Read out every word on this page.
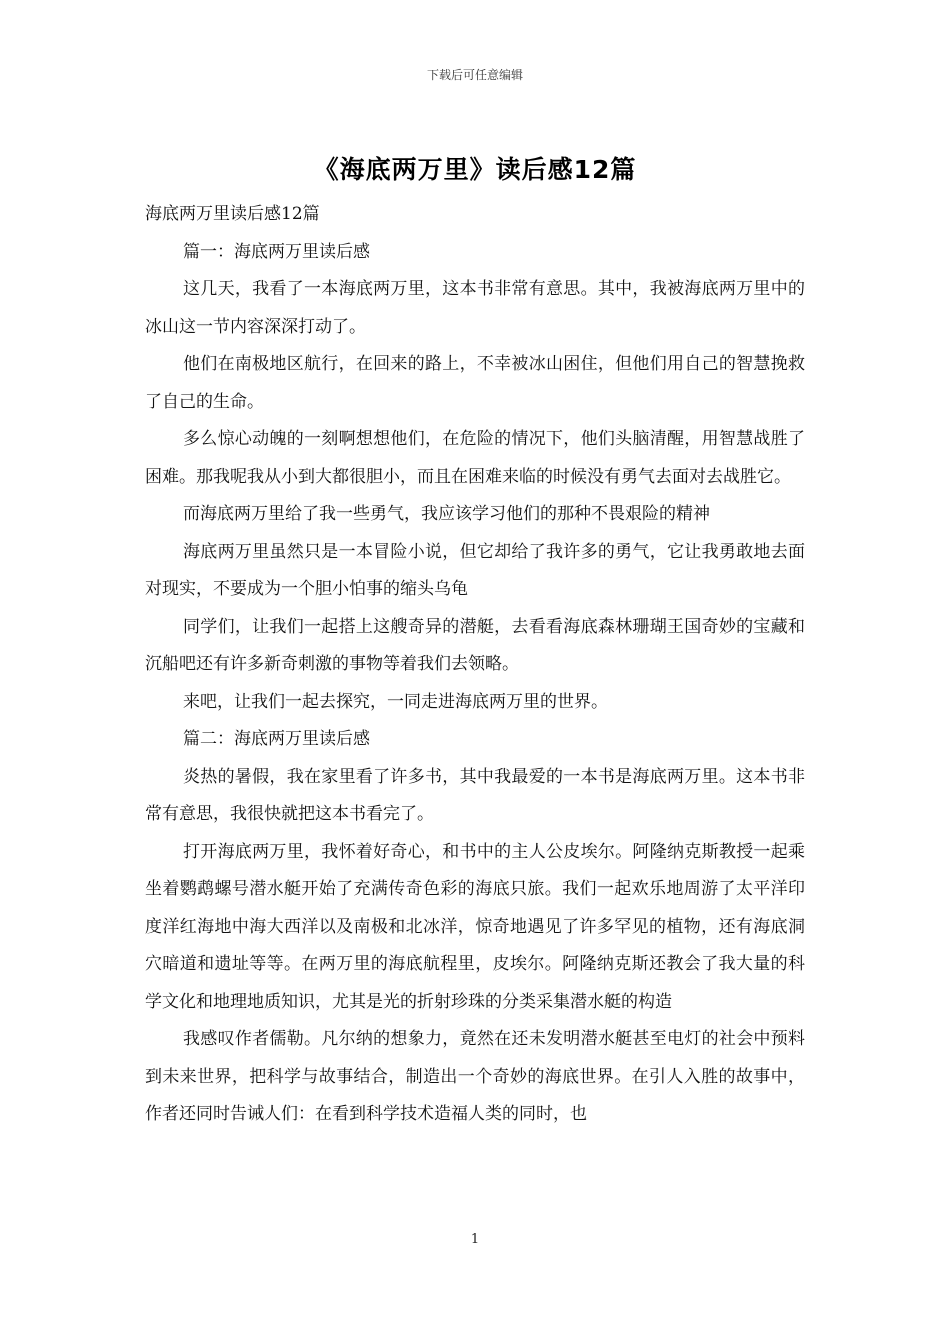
下载后可任意编辑
《海底两万里》读后感12篇

海底两万里读后感12篇

篇一：海底两万里读后感

这几天，我看了一本海底两万里，这本书非常有意思。其中，我被海底两万里中的冰山这一节内容深深打动了。

他们在南极地区航行，在回来的路上，不幸被冰山困住，但他们用自己的智慧挽救了自己的生命。

多么惊心动魄的一刻啊想想他们，在危险的情况下，他们头脑清醒，用智慧战胜了困难。那我呢我从小到大都很胆小，而且在困难来临的时候没有勇气去面对去战胜它。

而海底两万里给了我一些勇气，我应该学习他们的那种不畏艰险的精神

海底两万里虽然只是一本冒险小说，但它却给了我许多的勇气，它让我勇敢地去面对现实，不要成为一个胆小怕事的缩头乌龟

同学们，让我们一起搭上这艘奇异的潜艇，去看看海底森林珊瑚王国奇妙的宝藏和沉船吧还有许多新奇刺激的事物等着我们去领略。

来吧，让我们一起去探究，一同走进海底两万里的世界。

篇二：海底两万里读后感

炎热的暑假，我在家里看了许多书，其中我最爱的一本书是海底两万里。这本书非常有意思，我很快就把这本书看完了。

打开海底两万里，我怀着好奇心，和书中的主人公皮埃尔。阿隆纳克斯教授一起乘坐着鹦鹉螺号潜水艇开始了充满传奇色彩的海底只旅。我们一起欢乐地周游了太平洋印度洋红海地中海大西洋以及南极和北冰洋，惊奇地遇见了许多罕见的植物，还有海底洞穴暗道和遗址等等。在两万里的海底航程里，皮埃尔。阿隆纳克斯还教会了我大量的科学文化和地理地质知识，尤其是光的折射珍珠的分类采集潜水艇的构造

我感叹作者儒勒。凡尔纳的想象力，竟然在还未发明潜水艇甚至电灯的社会中预料到未来世界，把科学与故事结合，制造出一个奇妙的海底世界。在引人入胜的故事中，作者还同时告诫人们：在看到科学技术造福人类的同时，也

1
